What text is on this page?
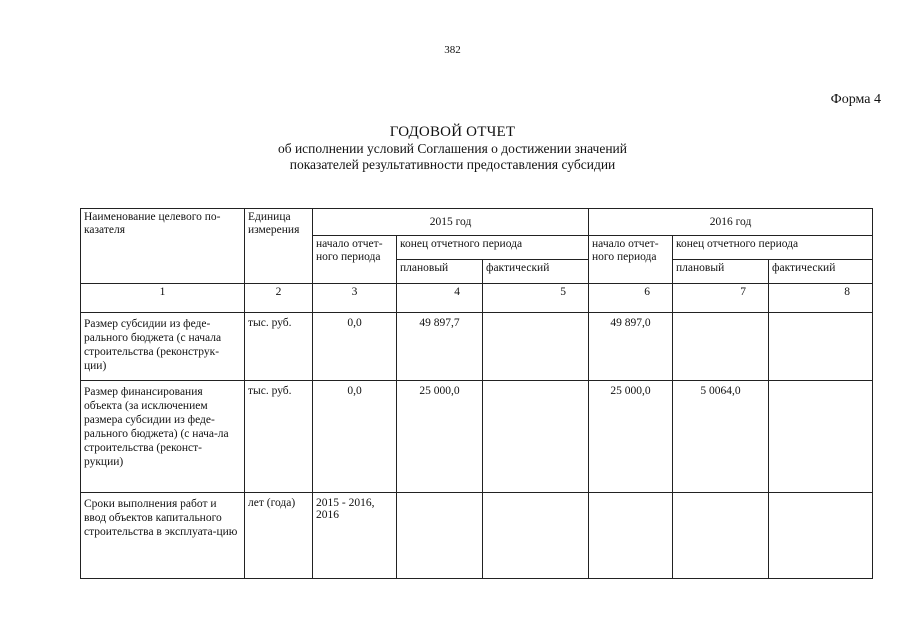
382
Форма 4
ГОДОВОЙ ОТЧЕТ
об исполнении условий Соглашения о достижении значений
показателей результативности предоставления субсидии
Наименование целевого по-казателя	Единица измерения	2015 год			2016 год		
		начало отчет-ного периода	конец отчетного периода		начало отчет-ного периода	конец отчетного периода	
			плановый	фактический		плановый	фактический
1	2	3	4	5	6	7	8
Размер субсидии из феде-рального бюджета (с начала строительства (реконструк-ции)	тыс. руб.	0,0	49 897,7		49 897,0		
Размер финансирования объекта (за исключением размера субсидии из феде-рального бюджета) (с нача-ла строительства (реконст-рукции)	тыс. руб.	0,0	25 000,0		25 000,0	5 0064,0	
Сроки выполнения работ и ввод объектов капитального строительства в эксплуата-цию	лет (года)	2015 - 2016, 2016					
